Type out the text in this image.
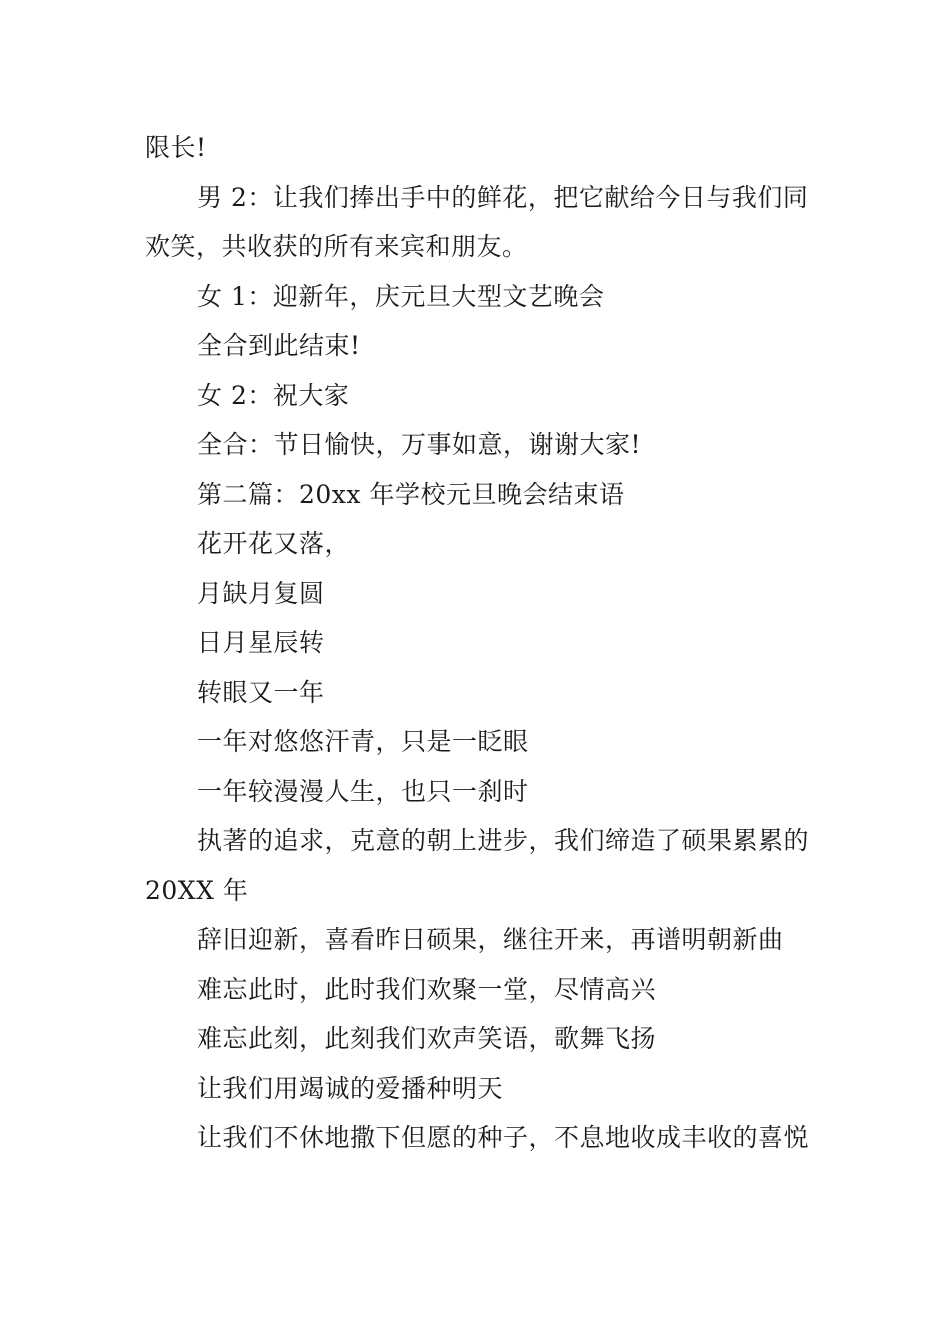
限长!

男 2：让我们捧出手中的鲜花，把它献给今日与我们同欢笑，共收获的所有来宾和朋友。

女 1：迎新年，庆元旦大型文艺晚会

全合到此结束!

女 2：祝大家

全合：节日愉快，万事如意，谢谢大家!

第二篇：20xx 年学校元旦晚会结束语

花开花又落，

月缺月复圆

日月星辰转

转眼又一年

一年对悠悠汗青，只是一眨眼

一年较漫漫人生，也只一刹时

执著的追求，克意的朝上进步，我们缔造了硕果累累的 20XX 年

辞旧迎新，喜看昨日硕果，继往开来，再谱明朝新曲

难忘此时，此时我们欢聚一堂，尽情高兴

难忘此刻，此刻我们欢声笑语，歌舞飞扬

让我们用竭诚的爱播种明天

让我们不休地撒下但愿的种子，不息地收成丰收的喜悦
